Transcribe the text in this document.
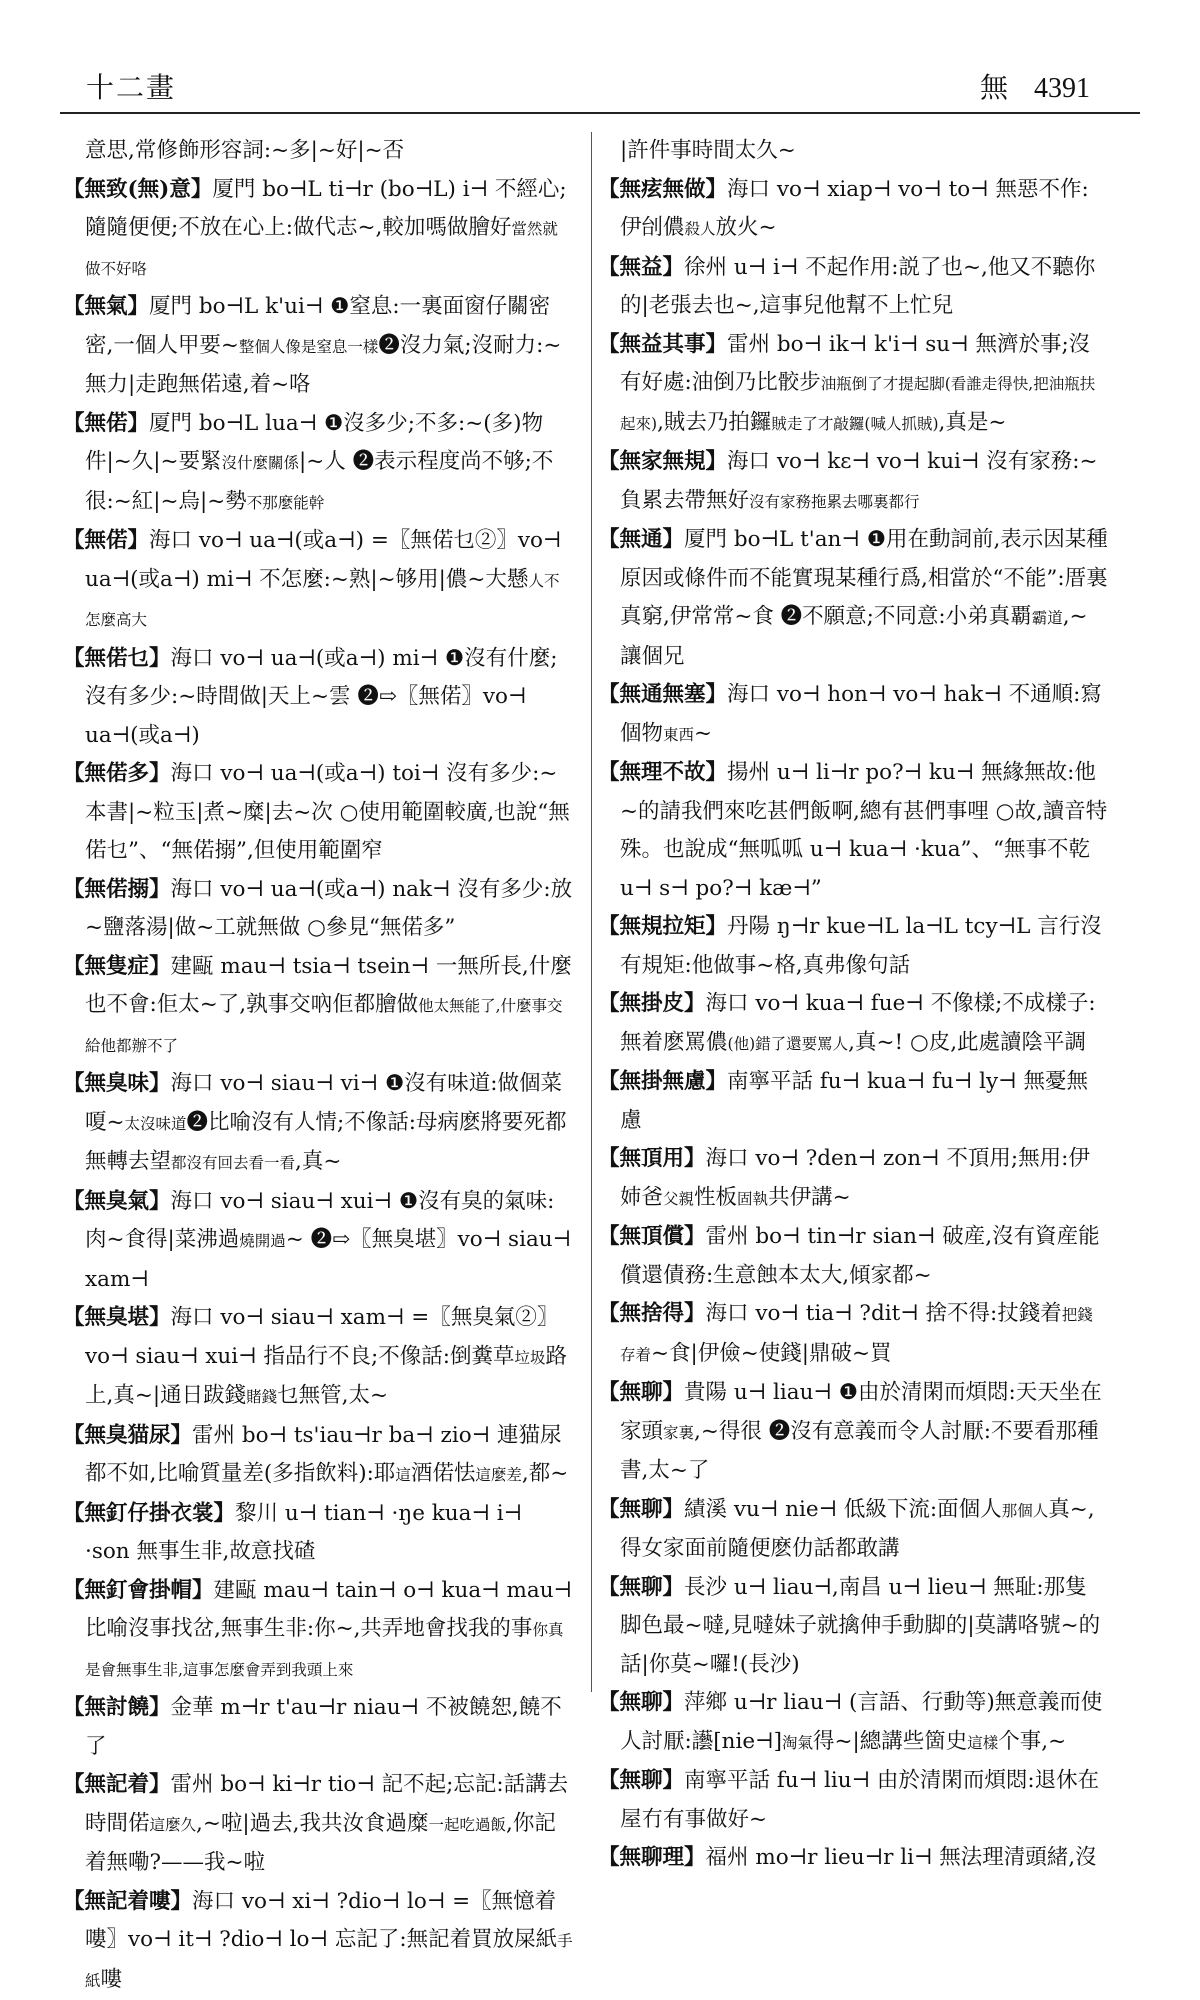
十二畫	無 4391

意思,常修飾形容詞:~多|~好|~否

【無致(無)意】厦門 bo⊣L ti⊣r (bo⊣L) i⊣ 不經心;隨隨便便;不放在心上:做代志~,較加嗎做膾好當然就做不好咯

【無氣】厦門 bo⊣L k'ui⊣ ❶窒息:一裏面窗仔關密密,一個人甲要~整個人像是窒息一樣❷沒力氣;沒耐力:~無力|走跑無偌遠,着~咯

【無偌】厦門 bo⊣L lua⊣ ❶沒多少;不多:~(多)物件|~久|~要緊沒什麼關係|~人 ❷表示程度尚不够;不很:~紅|~烏|~勢不那麼能幹

【無偌】海口 vo⊣ ua⊣(或a⊣) =〖無偌乜②〗vo⊣ ua⊣(或a⊣) mi⊣ 不怎麼:~熟|~够用|儂~大懸人不怎麼高大

【無偌乜】海口 vo⊣ ua⊣(或a⊣) mi⊣ ❶沒有什麼;沒有多少:~時間做|天上~雲 ❷⇨〖無偌〗vo⊣ ua⊣(或a⊣)

【無偌多】海口 vo⊣ ua⊣(或a⊣) toi⊣ 沒有多少:~本書|~粒玉|煮~糜|去~次 ○使用範圍較廣,也說“無偌乜”、“無偌搦”,但使用範圍窄

【無偌搦】海口 vo⊣ ua⊣(或a⊣) nak⊣ 沒有多少:放~鹽落湯|做~工就無做 ○參見“無偌多”

【無隻症】建甌 mau⊣ tsia⊣ tsein⊣ 一無所長,什麼也不會:佢太~了,孰事交吶佢都膾做他太無能了,什麼事交給他都辦不了

【無臭味】海口 vo⊣ siau⊣ vi⊣ ❶沒有味道:做個菜嗄~太沒味道❷比喻沒有人情;不像話:母病麽將要死都無轉去望都沒有回去看一看,真~

【無臭氣】海口 vo⊣ siau⊣ xui⊣ ❶沒有臭的氣味:肉~食得|菜沸過燒開過~ ❷⇨〖無臭堪〗vo⊣ siau⊣ xam⊣

【無臭堪】海口 vo⊣ siau⊣ xam⊣ =〖無臭氣②〗vo⊣ siau⊣ xui⊣ 指品行不良;不像話:倒糞草垃圾路上,真~|通日跋錢賭錢乜無管,太~

【無臭猫尿】雷州 bo⊣ ts'iau⊣r ba⊣ zio⊣ 連猫尿都不如,比喻質量差(多指飲料):耶這酒偌怯這麼差,都~

【無釘仔掛衣裳】黎川 u⊣ tian⊣ ·ŋe kua⊣ i⊣ ·son 無事生非,故意找碴

【無釘會掛帽】建甌 mau⊣ tain⊣ o⊣ kua⊣ mau⊣ 比喻沒事找岔,無事生非:你~,共弄地會找我的事你真是會無事生非,這事怎麼會弄到我頭上來

【無討饒】金華 m⊣r t'au⊣r niau⊣ 不被饒恕,饒不了

【無記着】雷州 bo⊣ ki⊣r tio⊣ 記不起;忘記:話講去時間偌這麼久,~啦|過去,我共汝食過糜一起吃過飯,你記着無嘞?——我~啦

【無記着嘍】海口 vo⊣ xi⊣ ?dio⊣ lo⊣ =〖無憶着嘍〗vo⊣ it⊣ ?dio⊣ lo⊣ 忘記了:無記着買放屎紙手紙嘍

|許件事時間太久~

【無痃無做】海口 vo⊣ xiap⊣ vo⊣ to⊣ 無惡不作:伊刣儂殺人放火~

【無益】徐州 u⊣ i⊣ 不起作用:説了也~,他又不聽你的|老張去也~,這事兒他幫不上忙兒

【無益其事】雷州 bo⊣ ik⊣ k'i⊣ su⊣ 無濟於事;沒有好處:油倒乃比骹步油瓶倒了才提起脚(看誰走得快,把油瓶扶起來),賊去乃拍鑼賊走了才敲鑼(喊人抓賊),真是~

【無家無規】海口 vo⊣ kε⊣ vo⊣ kui⊣ 沒有家務:~負累去帶無好沒有家務拖累去哪裏都行

【無通】厦門 bo⊣L t'an⊣ ❶用在動詞前,表示因某種原因或條件而不能實現某種行爲,相當於“不能”:厝裏真窮,伊常常~食 ❷不願意;不同意:小弟真覇霸道,~讓個兄

【無通無塞】海口 vo⊣ hon⊣ vo⊣ hak⊣ 不通順:寫個物東西~

【無理不故】揚州 u⊣ li⊣r po?⊣ ku⊣ 無緣無故:他~的請我們來吃甚們飯啊,總有甚們事哩 ○故,讀音特殊。也說成“無呱呱 u⊣ kua⊣ ·kua”、“無事不乾 u⊣ s⊣ po?⊣ kæ⊣”

【無規拉矩】丹陽 ŋ⊣r kue⊣L la⊣L tcy⊣L 言行沒有規矩:他做事~格,真弗像句話

【無掛皮】海口 vo⊣ kua⊣ fue⊣ 不像樣;不成樣子:無着麽罵儂(他)錯了還要罵人,真~! ○皮,此處讀陰平調

【無掛無慮】南寧平話 fu⊣ kua⊣ fu⊣ ly⊣ 無憂無慮

【無頂用】海口 vo⊣ ?den⊣ zon⊣ 不頂用;無用:伊姉爸父親性板固執共伊講~

【無頂償】雷州 bo⊣ tin⊣r sian⊣ 破産,沒有資産能償還債務:生意蝕本太大,傾家都~

【無捨得】海口 vo⊣ tia⊣ ?dit⊣ 捨不得:扙錢着把錢存着~食|伊儉~使錢|鼎破~買

【無聊】貴陽 u⊣ liau⊣ ❶由於清閑而煩悶:天天坐在家頭家裏,~得很 ❷沒有意義而令人討厭:不要看那種書,太~了

【無聊】績溪 vu⊣ nie⊣ 低級下流:面個人那個人真~,得女家面前隨便麽仂話都敢講

【無聊】長沙 u⊣ liau⊣,南昌 u⊣ lieu⊣ 無耻:那隻脚色最~噠,見噠妹子就擒伸手動脚的|莫講咯號~的話|你莫~囉!(長沙)

【無聊】萍鄉 u⊣r liau⊣ (言語、行動等)無意義而使人討厭:讛[nie⊣]淘氣得~|總講些箇史這樣个事,~

【無聊】南寧平話 fu⊣ liu⊣ 由於清閑而煩悶:退休在屋冇有事做好~

【無聊理】福州 mo⊣r lieu⊣r li⊣ 無法理清頭緒,沒
